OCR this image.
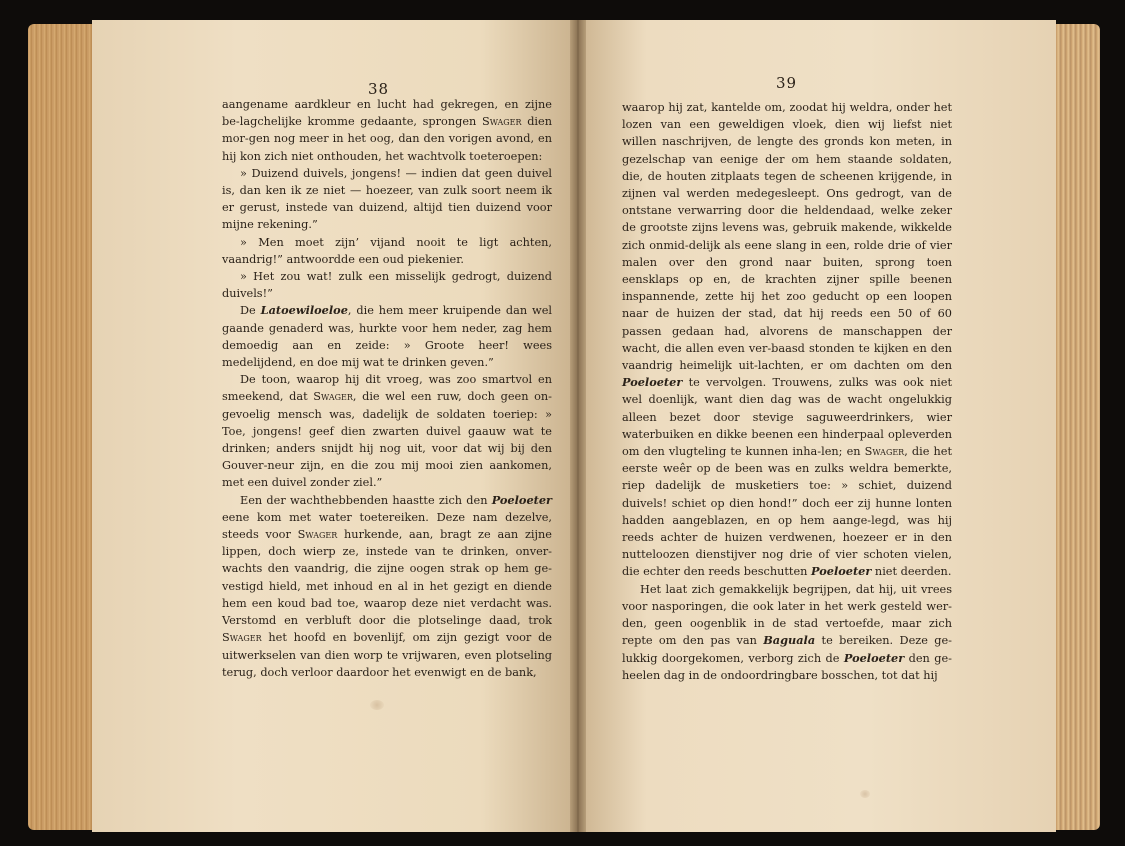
38	39

aangename aardkleur en lucht had gekregen, en zijne be-lagchelijke kromme gedaante, sprongen Swager dien mor-gen nog meer in het oog, dan den vorigen avond, en hij kon zich niet onthouden, het wachtvolk toeteroepen:

» Duizend duivels, jongens! — indien dat geen duivel is, dan ken ik ze niet — hoezeer, van zulk soort neem ik er gerust, instede van duizend, altijd tien duizend voor mijne rekening.”

» Men moet zijn’ vijand nooit te ligt achten, vaandrig!” antwoordde een oud piekenier.

» Het zou wat! zulk een misselijk gedrogt, duizend duivels!”

De Latoewiloeloe, die hem meer kruipende dan wel gaande genaderd was, hurkte voor hem neder, zag hem demoedig aan en zeide: » Groote heer! wees medelijdend, en doe mij wat te drinken geven.”

De toon, waarop hij dit vroeg, was zoo smartvol en smeekend, dat Swager, die wel een ruw, doch geen on-gevoelig mensch was, dadelijk de soldaten toeriep: » Toe, jongens! geef dien zwarten duivel gaauw wat te drinken; anders snijdt hij nog uit, voor dat wij bij den Gouver-neur zijn, en die zou mij mooi zien aankomen, met een duivel zonder ziel.”

Een der wachthebbenden haastte zich den Poeloeter eene kom met water toetereiken. Deze nam dezelve, steeds voor Swager hurkende, aan, bragt ze aan zijne lippen, doch wierp ze, instede van te drinken, onver-wachts den vaandrig, die zijne oogen strak op hem ge-vestigd hield, met inhoud en al in het gezigt en diende hem een koud bad toe, waarop deze niet verdacht was. Verstomd en verbluft door die plotselinge daad, trok Swager het hoofd en bovenlijf, om zijn gezigt voor de uitwerkselen van dien worp te vrijwaren, even plotseling terug, doch verloor daardoor het evenwigt en de bank,

waarop hij zat, kantelde om, zoodat hij weldra, onder het lozen van een geweldigen vloek, dien wij liefst niet willen naschrijven, de lengte des gronds kon meten, in gezelschap van eenige der om hem staande soldaten, die, de houten zitplaats tegen de scheenen krijgende, in zijnen val werden medegesleept. Ons gedrogt, van de ontstane verwarring door die heldendaad, welke zeker de grootste zijns levens was, gebruik makende, wikkelde zich onmid-delijk als eene slang in een, rolde drie of vier malen over den grond naar buiten, sprong toen eensklaps op en, de krachten zijner spille beenen inspannende, zette hij het zoo geducht op een loopen naar de huizen der stad, dat hij reeds een 50 of 60 passen gedaan had, alvorens de manschappen der wacht, die allen even ver-baasd stonden te kijken en den vaandrig heimelijk uit-lachten, er om dachten om den Poeloeter te vervolgen. Trouwens, zulks was ook niet wel doenlijk, want dien dag was de wacht ongelukkig alleen bezet door stevige saguweerdrinkers, wier waterbuiken en dikke beenen een hinderpaal opleverden om den vlugteling te kunnen inha-len; en Swager, die het eerste weêr op de been was en zulks weldra bemerkte, riep dadelijk de musketiers toe: » schiet, duizend duivels! schiet op dien hond!” doch eer zij hunne lonten hadden aangeblazen, en op hem aange-legd, was hij reeds achter de huizen verdwenen, hoezeer er in den nutteloozen dienstijver nog drie of vier schoten vielen, die echter den reeds beschutten Poeloeter niet deerden.

Het laat zich gemakkelijk begrijpen, dat hij, uit vrees voor nasporingen, die ook later in het werk gesteld wer-den, geen oogenblik in de stad vertoefde, maar zich repte om den pas van Baguala te bereiken. Deze ge-lukkig doorgekomen, verborg zich de Poeloeter den ge-heelen dag in de ondoordringbare bosschen, tot dat hij
